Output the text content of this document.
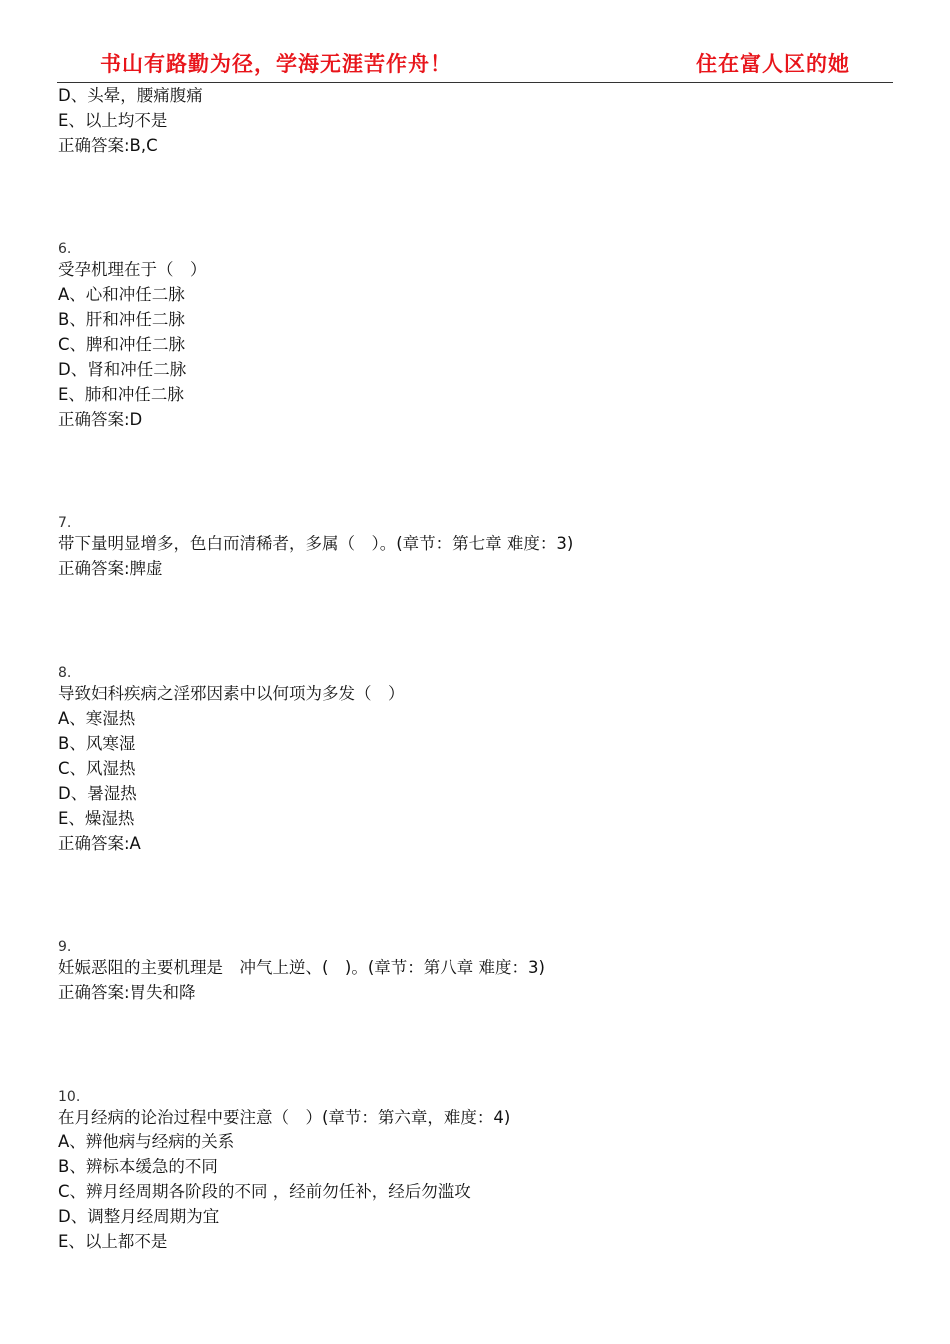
书山有路勤为径，学海无涯苦作舟！	住在富人区的她
D、头晕，腰痛腹痛
E、以上均不是
正确答案:B,C
6.
受孕机理在于（　）
A、心和冲任二脉
B、肝和冲任二脉
C、脾和冲任二脉
D、肾和冲任二脉
E、肺和冲任二脉
正确答案:D
7.
带下量明显增多，色白而清稀者，多属（　）。(章节：第七章 难度：3)
正确答案:脾虚
8.
导致妇科疾病之淫邪因素中以何项为多发（　）
A、寒湿热
B、风寒湿
C、风湿热
D、暑湿热
E、燥湿热
正确答案:A
9.
妊娠恶阻的主要机理是　冲气上逆、(　)。(章节：第八章 难度：3)
正确答案:胃失和降
10.
在月经病的论治过程中要注意（　）(章节：第六章，难度：4)
A、辨他病与经病的关系
B、辨标本缓急的不同
C、辨月经周期各阶段的不同 ，经前勿任补，经后勿滥攻
D、调整月经周期为宜
E、以上都不是
